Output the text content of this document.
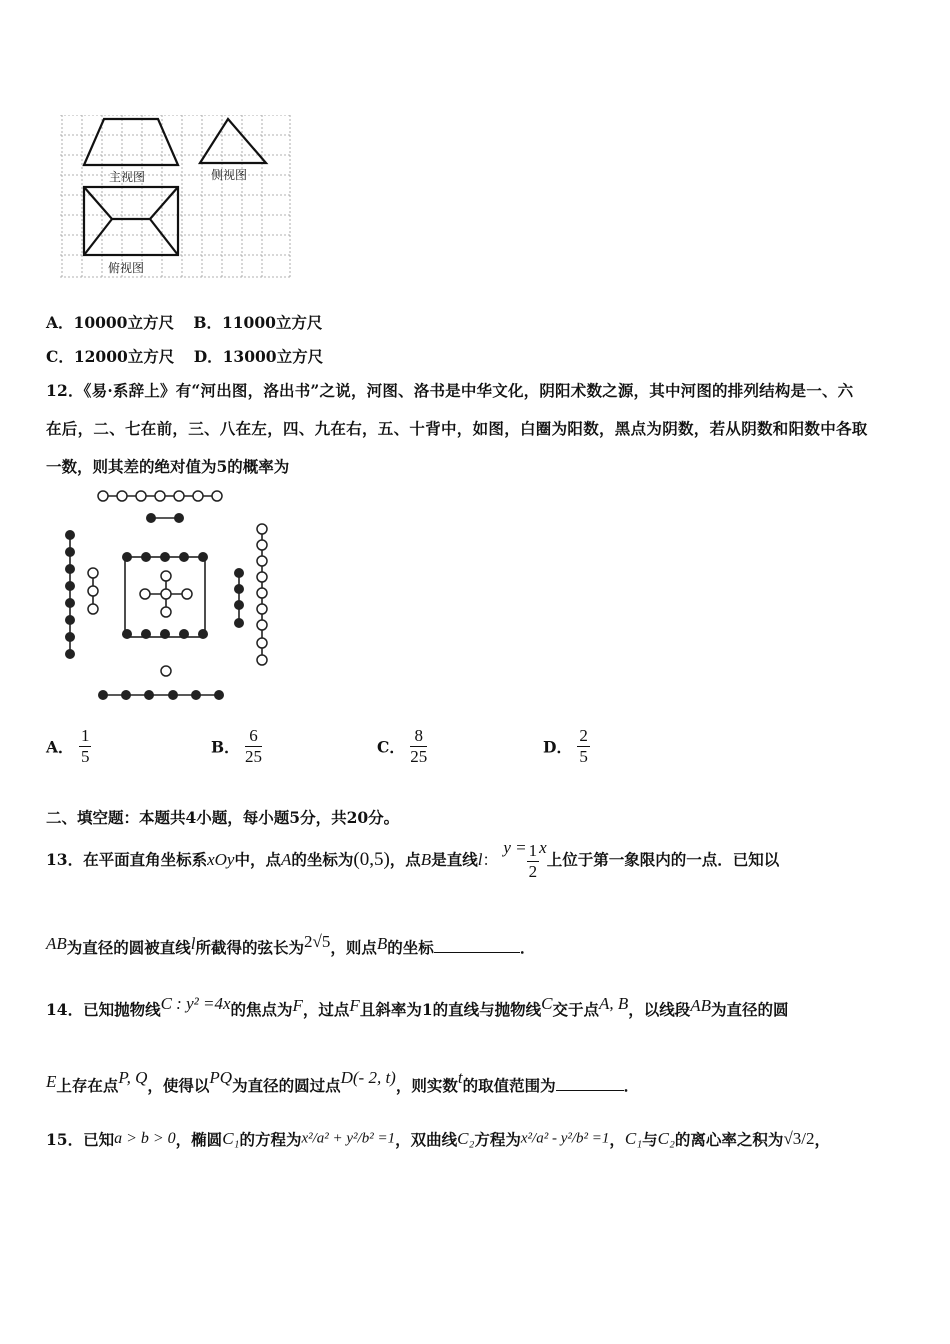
主视图	侧视图
俯视图
A．10000立方尺 B．11000立方尺
C．12000立方尺 D．13000立方尺
12．《易·系辞上》有“河出图，洛出书”之说，河图、洛书是中华文化，阴阳术数之源，其中河图的排列结构是一、六
在后，二、七在前，三、八在左，四、九在右，五、十背中，如图，白圈为阳数，黑点为阴数，若从阴数和阳数中各取
一数，则其差的绝对值为5的概率为
A． $\frac{1}{5}$	B． $\frac{6}{25}$	C． $\frac{8}{25}$	D． $\frac{2}{5}$
二、填空题：本题共4小题，每小题5分，共20分。
13．在平面直角坐标系xOy中，点A的坐标为(0,5)，点B是直线l： $y = \frac{1}{2}$ x上位于第一象限内的一点．已知以
AB为直径的圆被直线l所截得的弦长为2√5，则点B的坐标	．
14．已知抛物线C : y² =4x的焦点为F，过点F且斜率为1的直线与抛物线C交于点A, B，以线段AB为直径的圆
E上存在点P, Q，使得以PQ为直径的圆过点D(- 2, t)，则实数t的取值范围为	．
15．已知a > b > 0，椭圆C₁的方程为x²/a² + y²/b² =1，双曲线C₂方程为x²/a² - y²/b² =1，C₁与C₂的离心率之积为√3/2，
